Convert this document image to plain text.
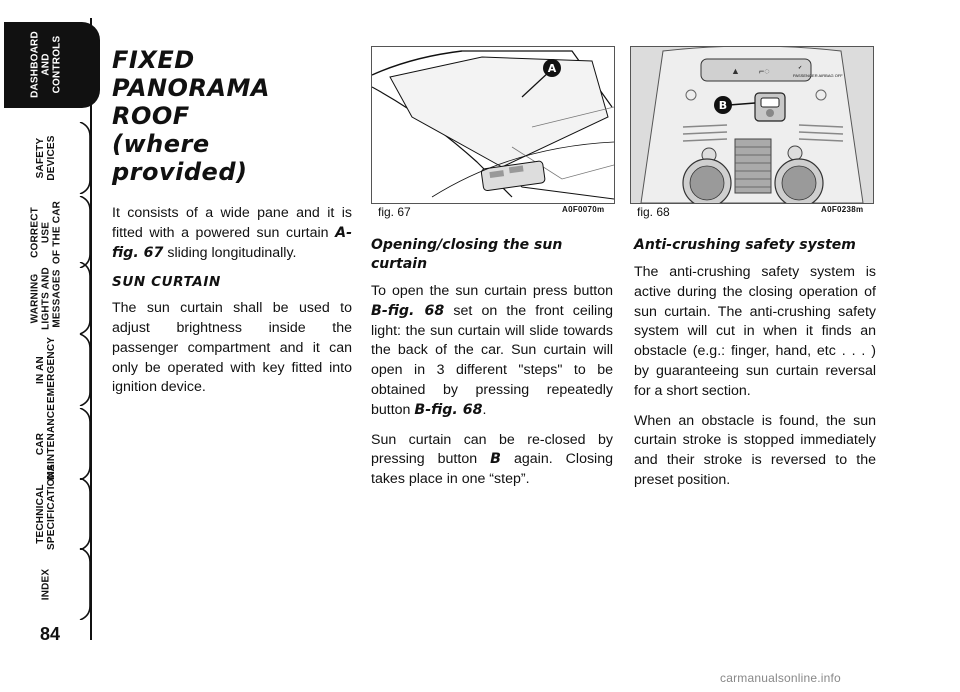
DASHBOARD
AND
CONTROLS
SAFETY
DEVICES
CORRECT USE
OF THE CAR
WARNING
LIGHTS AND
MESSAGES
IN AN
EMERGENCY
CAR
MAINTENANCE
TECHNICAL
SPECIFICATIONS
INDEX
84
FIXED PANORAMA
ROOF
(where provided)

It consists of a wide pane and it is fitted with a powered sun curtain A-fig. 67 sliding longitudinally.

SUN CURTAIN

The sun curtain shall be used to adjust brightness inside the passenger compartment and it can only be operated with key fitted into ignition device.

A
fig. 67	A0F0070m
▲ ⌐◌	✓
PASSENGER AIRBAG OFF
B
fig. 68	A0F0238m
Opening/closing the sun curtain

To open the sun curtain press button B-fig. 68 set on the front ceiling light: the sun curtain will slide towards the back of the car. Sun curtain will open in 3 different "steps" to be obtained by pressing repeatedly button B-fig. 68.

Sun curtain can be re-closed by pressing button B again. Closing takes place in one “step”.

Anti-crushing safety system

The anti-crushing safety system is active during the closing operation of sun curtain. The anti-crushing safety system will cut in when it finds an obstacle (e.g.: finger, hand, etc . . . ) by guaranteeing sun curtain reversal for a short section.

When an obstacle is found, the sun curtain stroke is stopped immediately and their stroke is reversed to the preset position.

carmanualsonline.info
